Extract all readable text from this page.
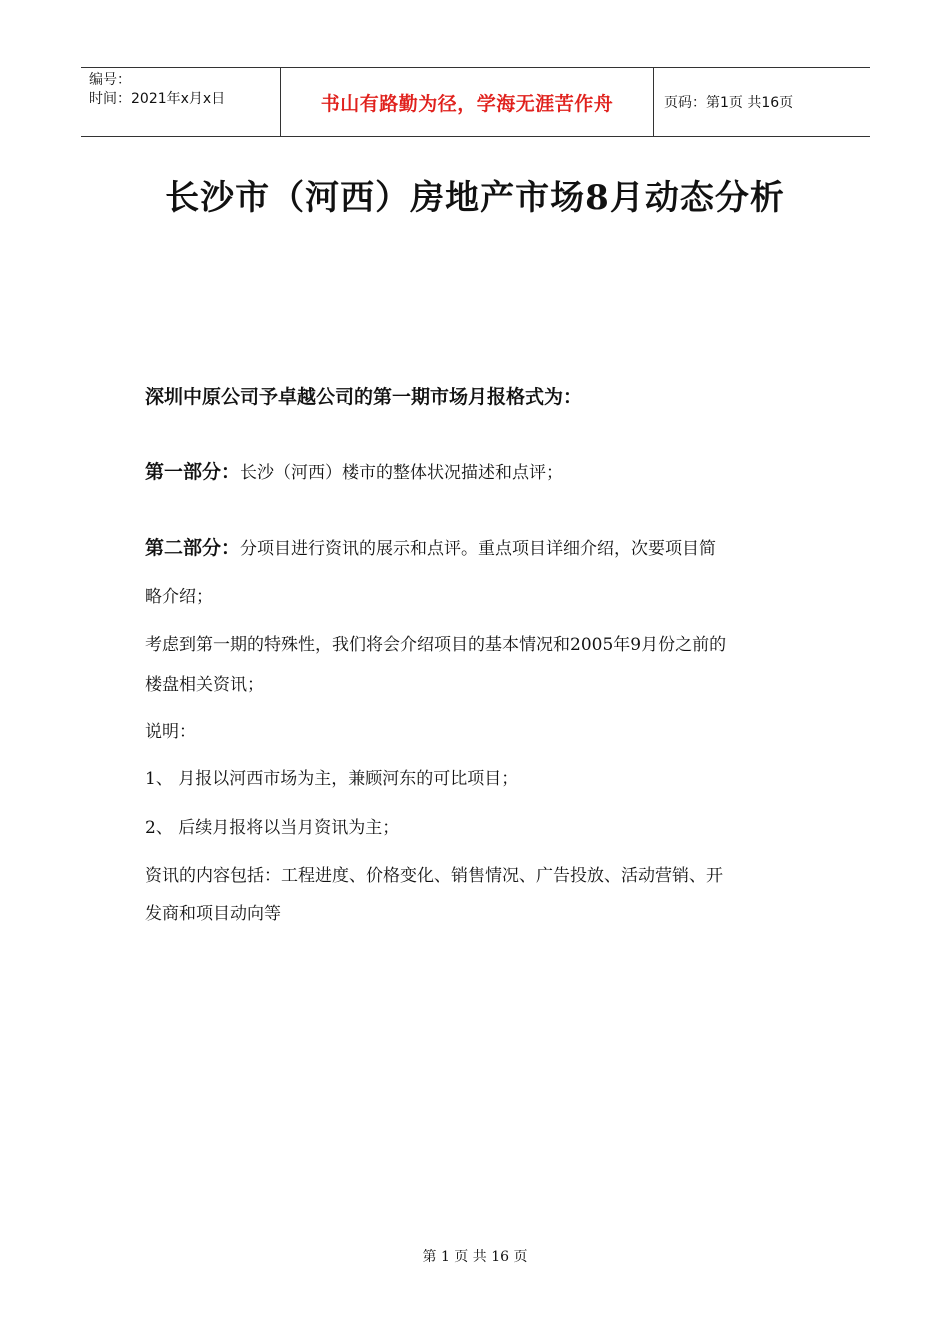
编号：
时间：2021年x月x日	书山有路勤为径，学海无涯苦作舟	页码：第1页 共16页
长沙市（河西）房地产市场8月动态分析
深圳中原公司予卓越公司的第一期市场月报格式为：
第一部分：长沙（河西）楼市的整体状况描述和点评；
第二部分：分项目进行资讯的展示和点评。重点项目详细介绍，次要项目简
略介绍；
考虑到第一期的特殊性，我们将会介绍项目的基本情况和2005年9月份之前的
楼盘相关资讯；
说明：
1、 月报以河西市场为主，兼顾河东的可比项目；
2、 后续月报将以当月资讯为主；
资讯的内容包括：工程进度、价格变化、销售情况、广告投放、活动营销、开
发商和项目动向等
第 1 页 共 16 页
